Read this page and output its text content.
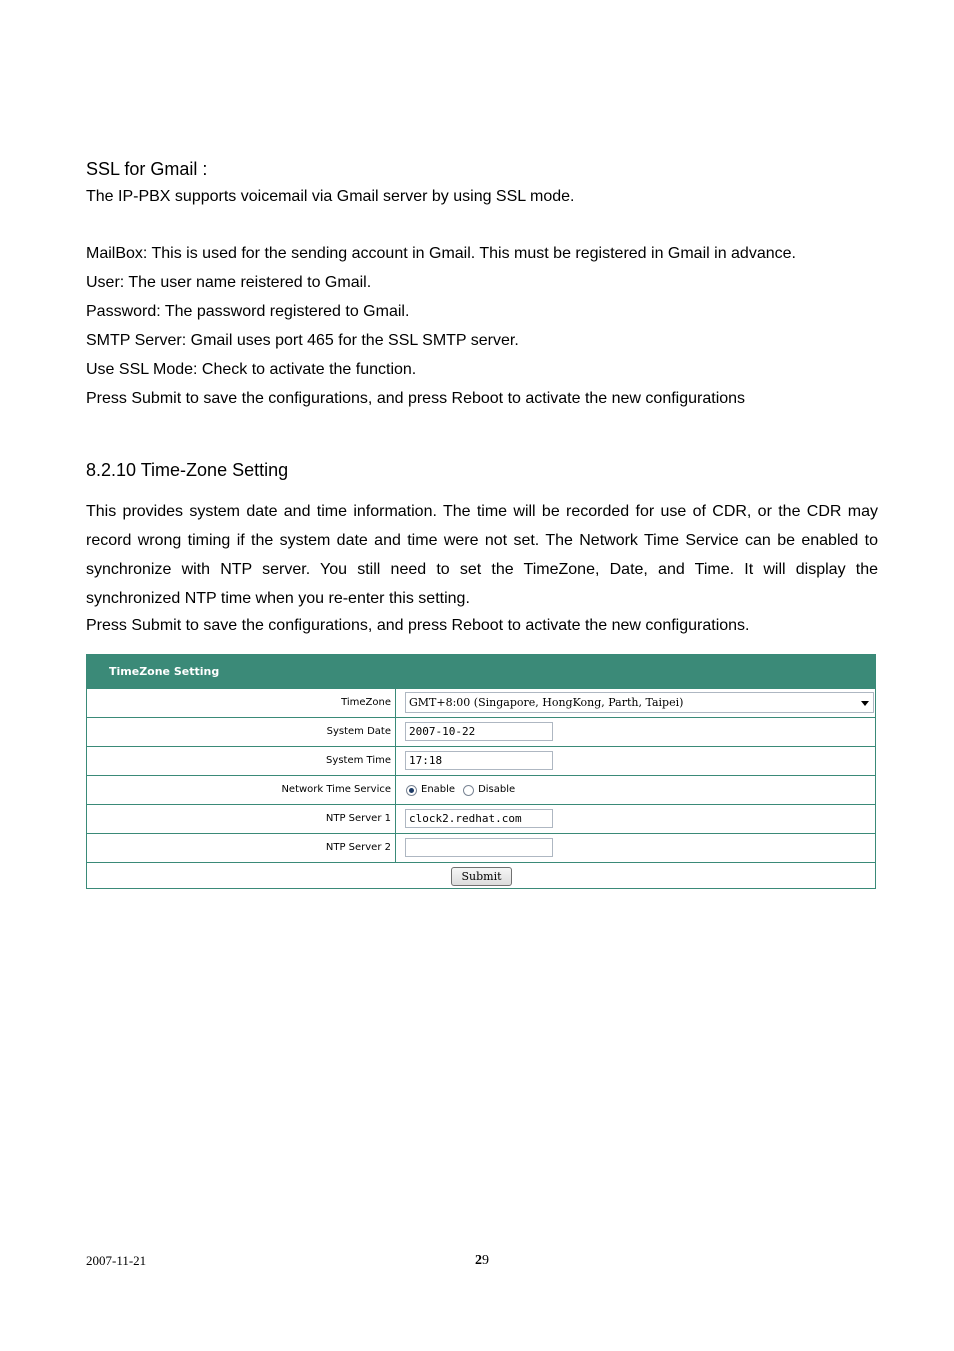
SSL for Gmail :
The IP-PBX supports voicemail via Gmail server by using SSL mode.
MailBox: This is used for the sending account in Gmail. This must be registered in Gmail in advance.
User: The user name reistered to Gmail.
Password: The password registered to Gmail.
SMTP Server: Gmail uses port 465 for the SSL SMTP server.
Use SSL Mode: Check to activate the function.
Press Submit to save the configurations, and press Reboot to activate the new configurations
8.2.10 Time-Zone Setting
This provides system date and time information. The time will be recorded for use of CDR, or the CDR may record wrong timing if the system date and time were not set. The Network Time Service can be enabled to synchronize with NTP server. You still need to set the TimeZone, Date, and Time. It will display the synchronized NTP time when you re-enter this setting.
Press Submit to save the configurations, and press Reboot to activate the new configurations.
TimeZone Setting
TimeZone	GMT+8:00 (Singapore, HongKong, Parth, Taipei)
System Date	2007-10-22
System Time	17:18
Network Time Service	Enable Disable
NTP Server 1	clock2.redhat.com
NTP Server 2
Submit
2007-11-21	29
